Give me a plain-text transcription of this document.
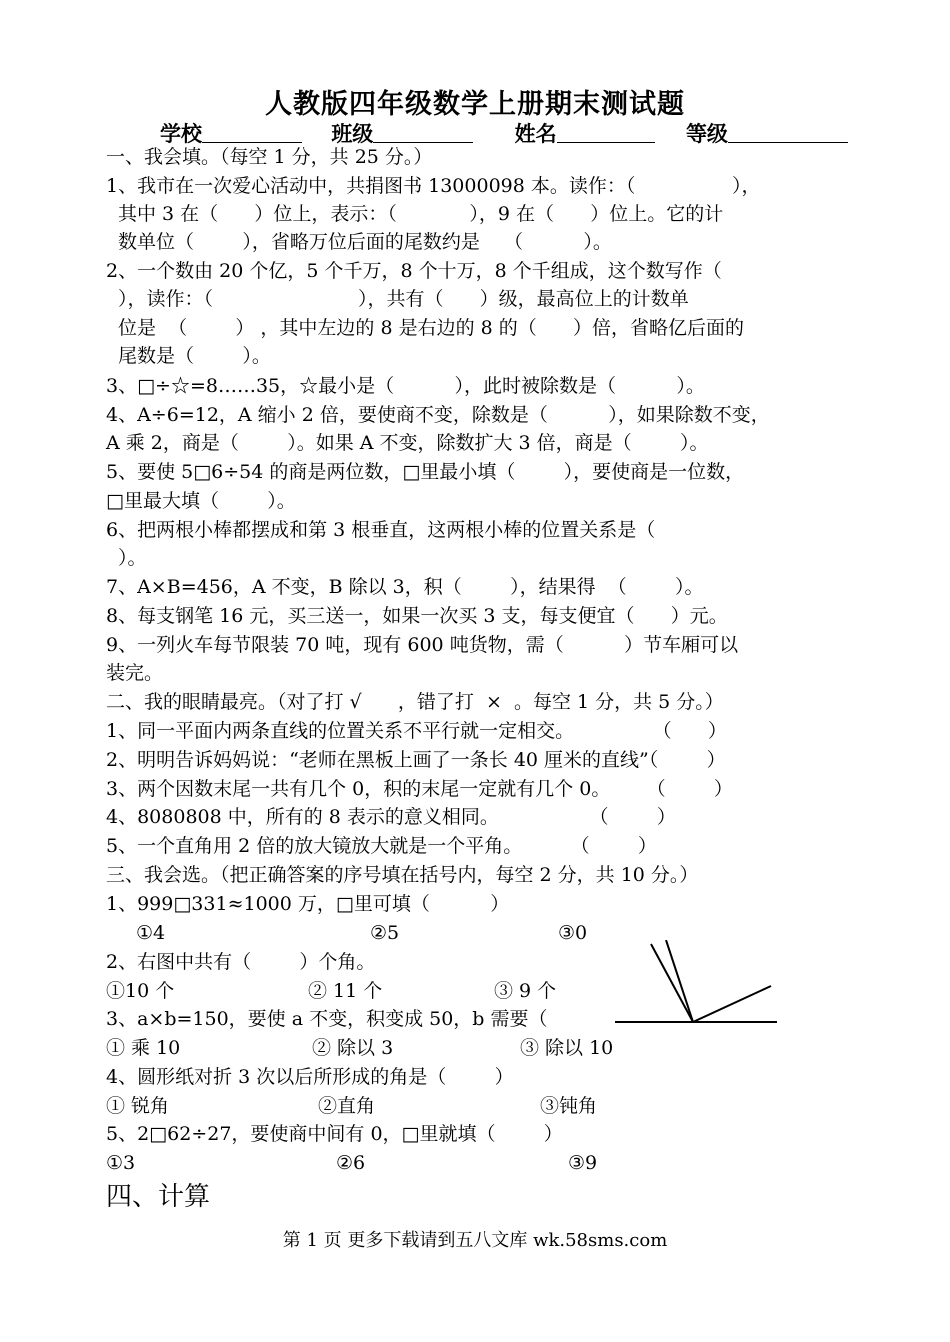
人教版四年级数学上册期末测试题
学校	班级	姓名	等级
一、我会填。（每空 1 分，共 25 分。）
1、我市在一次爱心活动中，共捐图书 13000098 本。读作：（                ），
其中 3 在（      ）位上，表示：（            ），9 在（      ）位上。它的计
数单位（        ），省略万位后面的尾数约是    （          ）。
2、一个数由 20 个亿，5 个千万，8 个十万，8 个千组成，这个数写作（
），读作：（                        ），共有（      ）级，最高位上的计数单
位是  （        ） ，其中左边的 8 是右边的 8 的（      ）倍，省略亿后面的
尾数是（        ）。
3、□÷☆=8……35，☆最小是（          ），此时被除数是（          ）。
4、A÷6=12，A 缩小 2 倍，要使商不变，除数是（          ），如果除数不变，
A 乘 2，商是（        ）。如果 A 不变，除数扩大 3 倍，商是（        ）。
5、要使 5□6÷54 的商是两位数，□里最小填（        ），要使商是一位数，
□里最大填（        ）。
6、把两根小棒都摆成和第 3 根垂直，这两根小棒的位置关系是（
）。
7、A×B=456，A 不变，B 除以 3，积（        ），结果得  （        ）。
8、每支钢笔 16 元，买三送一，如果一次买 3 支，每支便宜（      ）元。
9、一列火车每节限装 70 吨，现有 600 吨货物，需（          ）节车厢可以
装完。
二、我的眼睛最亮。（对了打 √      ，错了打  ×  。每空 1 分，共 5 分。）
1、同一平面内两条直线的位置关系不平行就一定相交。             （      ）
2、明明告诉妈妈说：“老师在黑板上画了一条长 40 厘米的直线”（        ）
3、两个因数末尾一共有几个 0，积的末尾一定就有几个 0。      （        ）
4、8080808 中，所有的 8 表示的意义相同。               （        ）
5、一个直角用 2 倍的放大镜放大就是一个平角。        （        ）
三、我会选。（把正确答案的序号填在括号内，每空 2 分，共 10 分。）
1、999□331≈1000 万，□里可填（          ）
①4	②5	③0
2、右图中共有（        ）个角。
①10 个	② 11 个	③ 9 个
3、a×b=150，要使 a 不变，积变成 50，b 需要（
① 乘 10	② 除以 3	③ 除以 10
4、圆形纸对折 3 次以后所形成的角是（        ）
① 锐角	②直角	③钝角
5、2□62÷27，要使商中间有 0，□里就填（        ）
①3	②6	③9
四、计算
第 1 页 更多下载请到五八文库 wk.58sms.com
